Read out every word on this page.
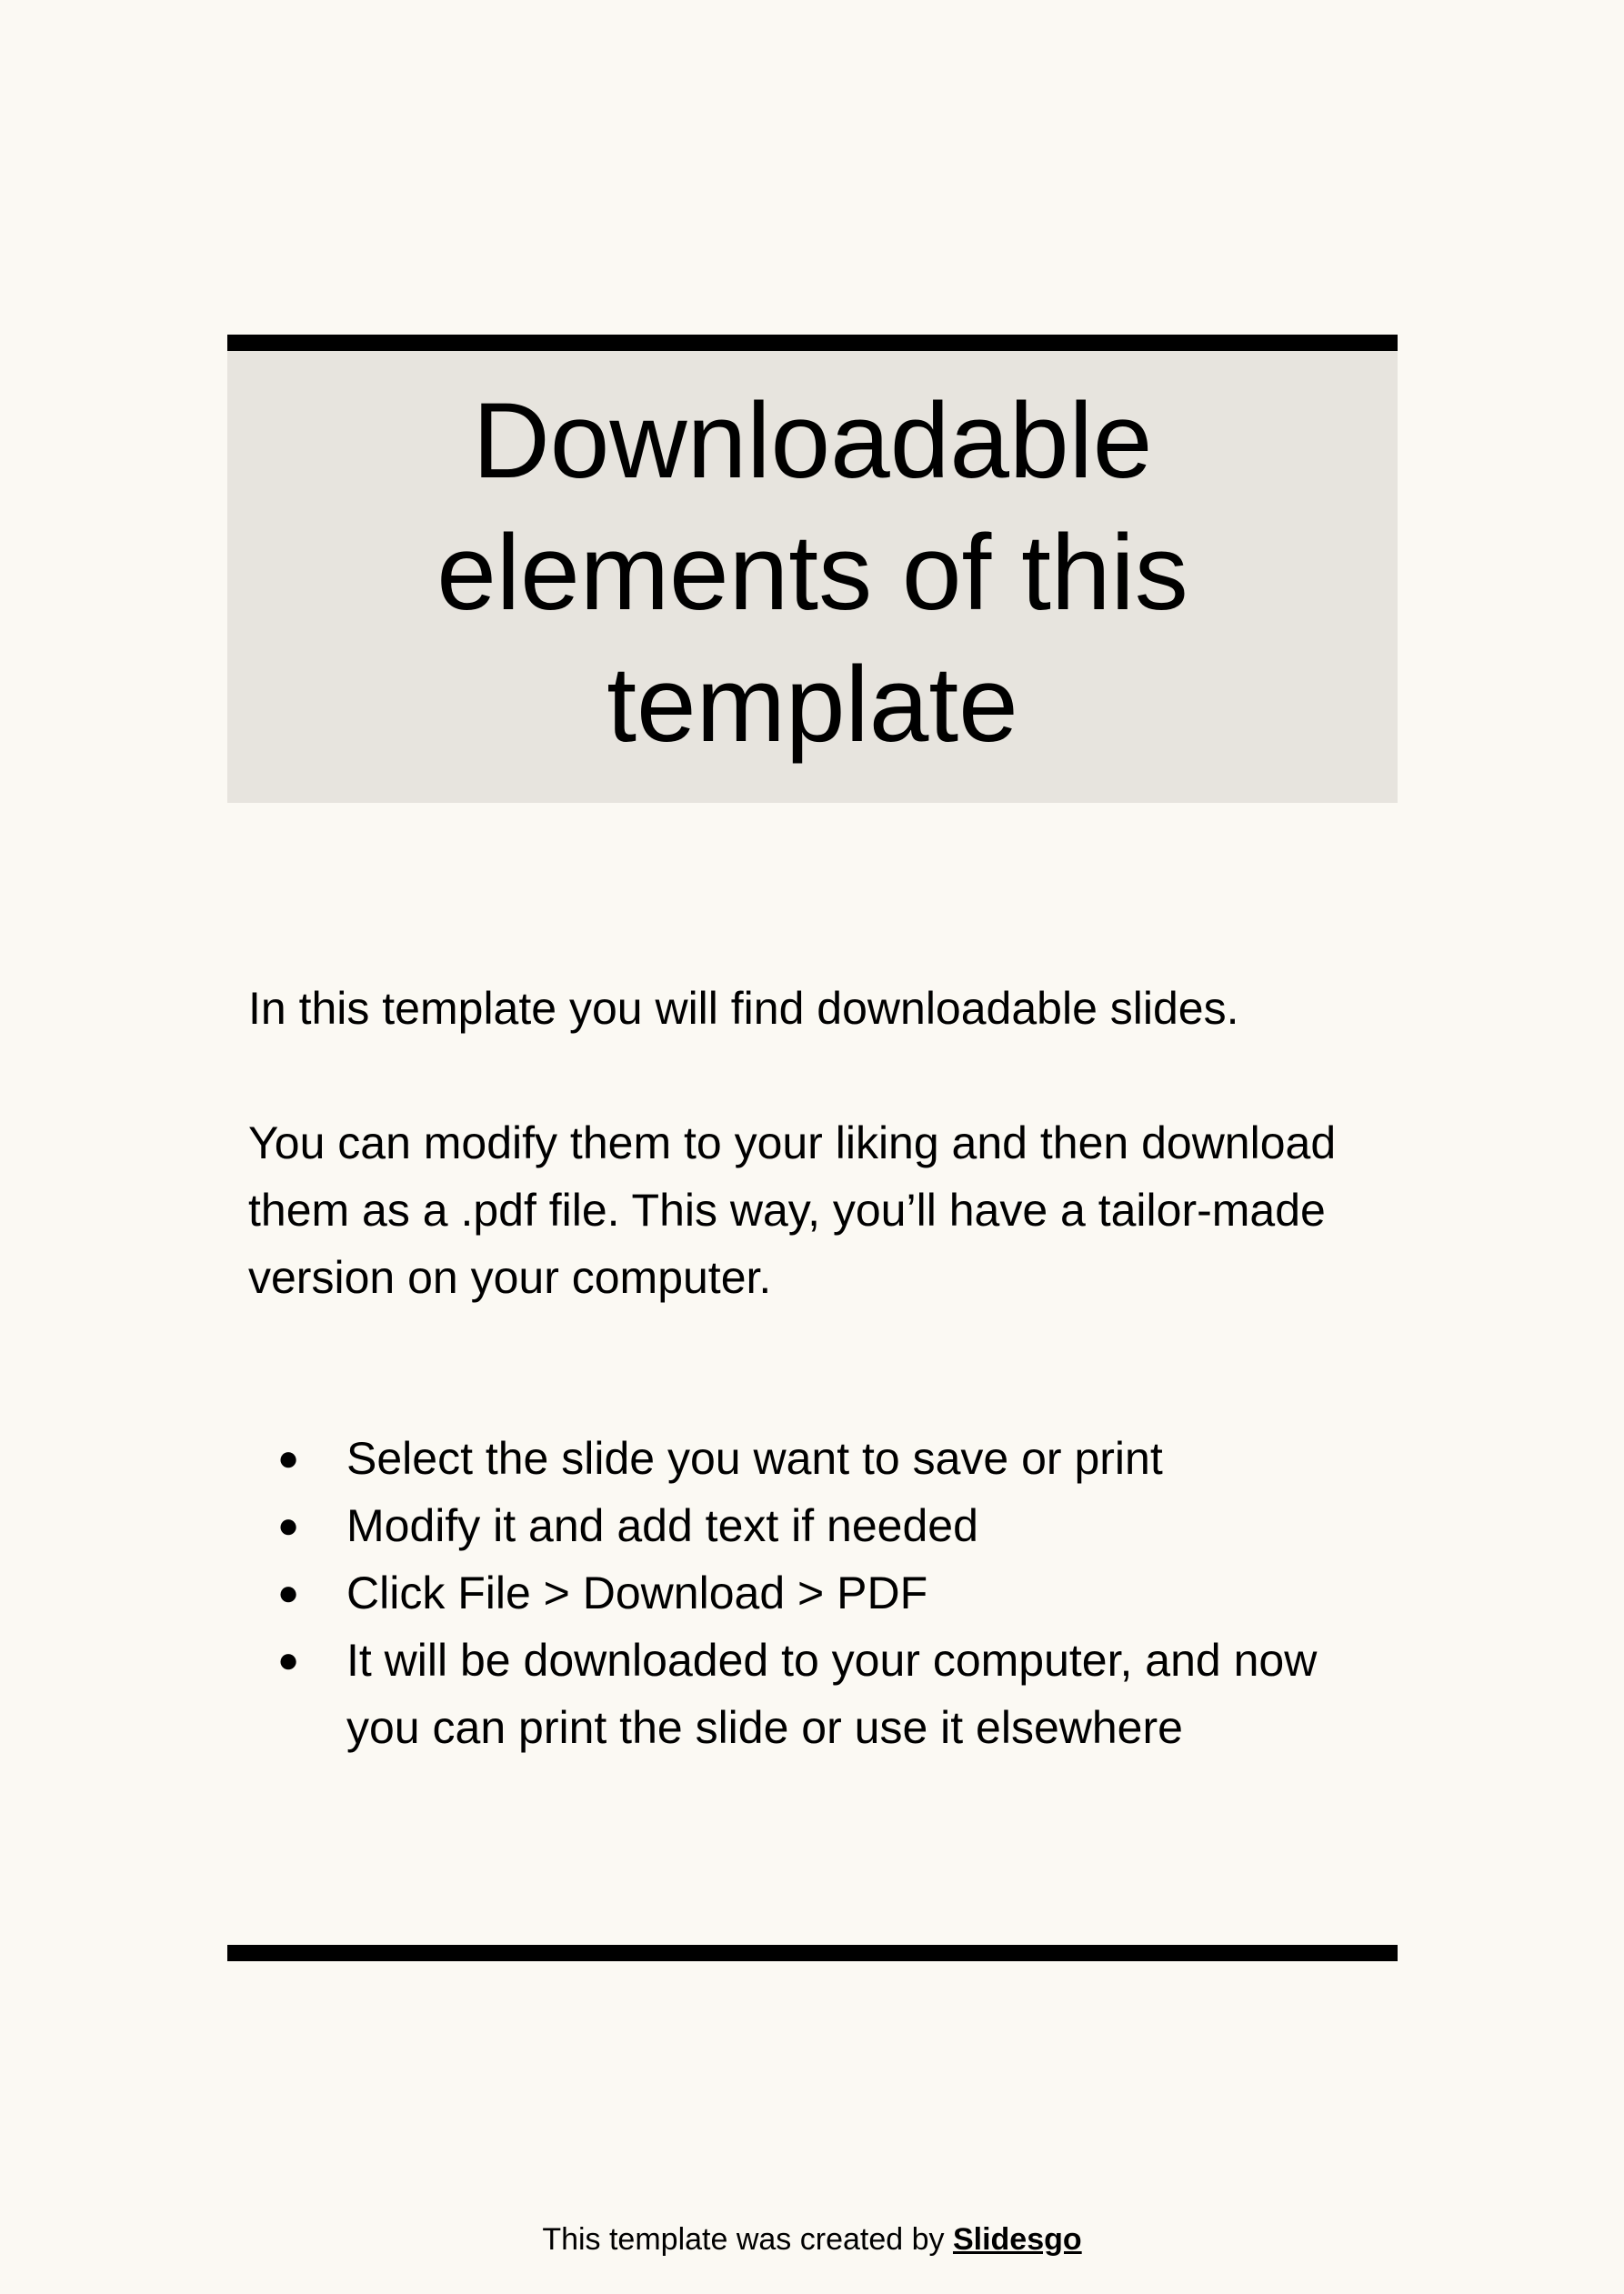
Downloadable elements of this template

In this template you will find downloadable slides.

You can modify them to your liking and then download them as a .pdf file. This way, you’ll have a tailor-made version on your computer.

● Select the slide you want to save or print
● Modify it and add text if needed
● Click File > Download > PDF
● It will be downloaded to your computer, and now you can print the slide or use it elsewhere

This template was created by Slidesgo
